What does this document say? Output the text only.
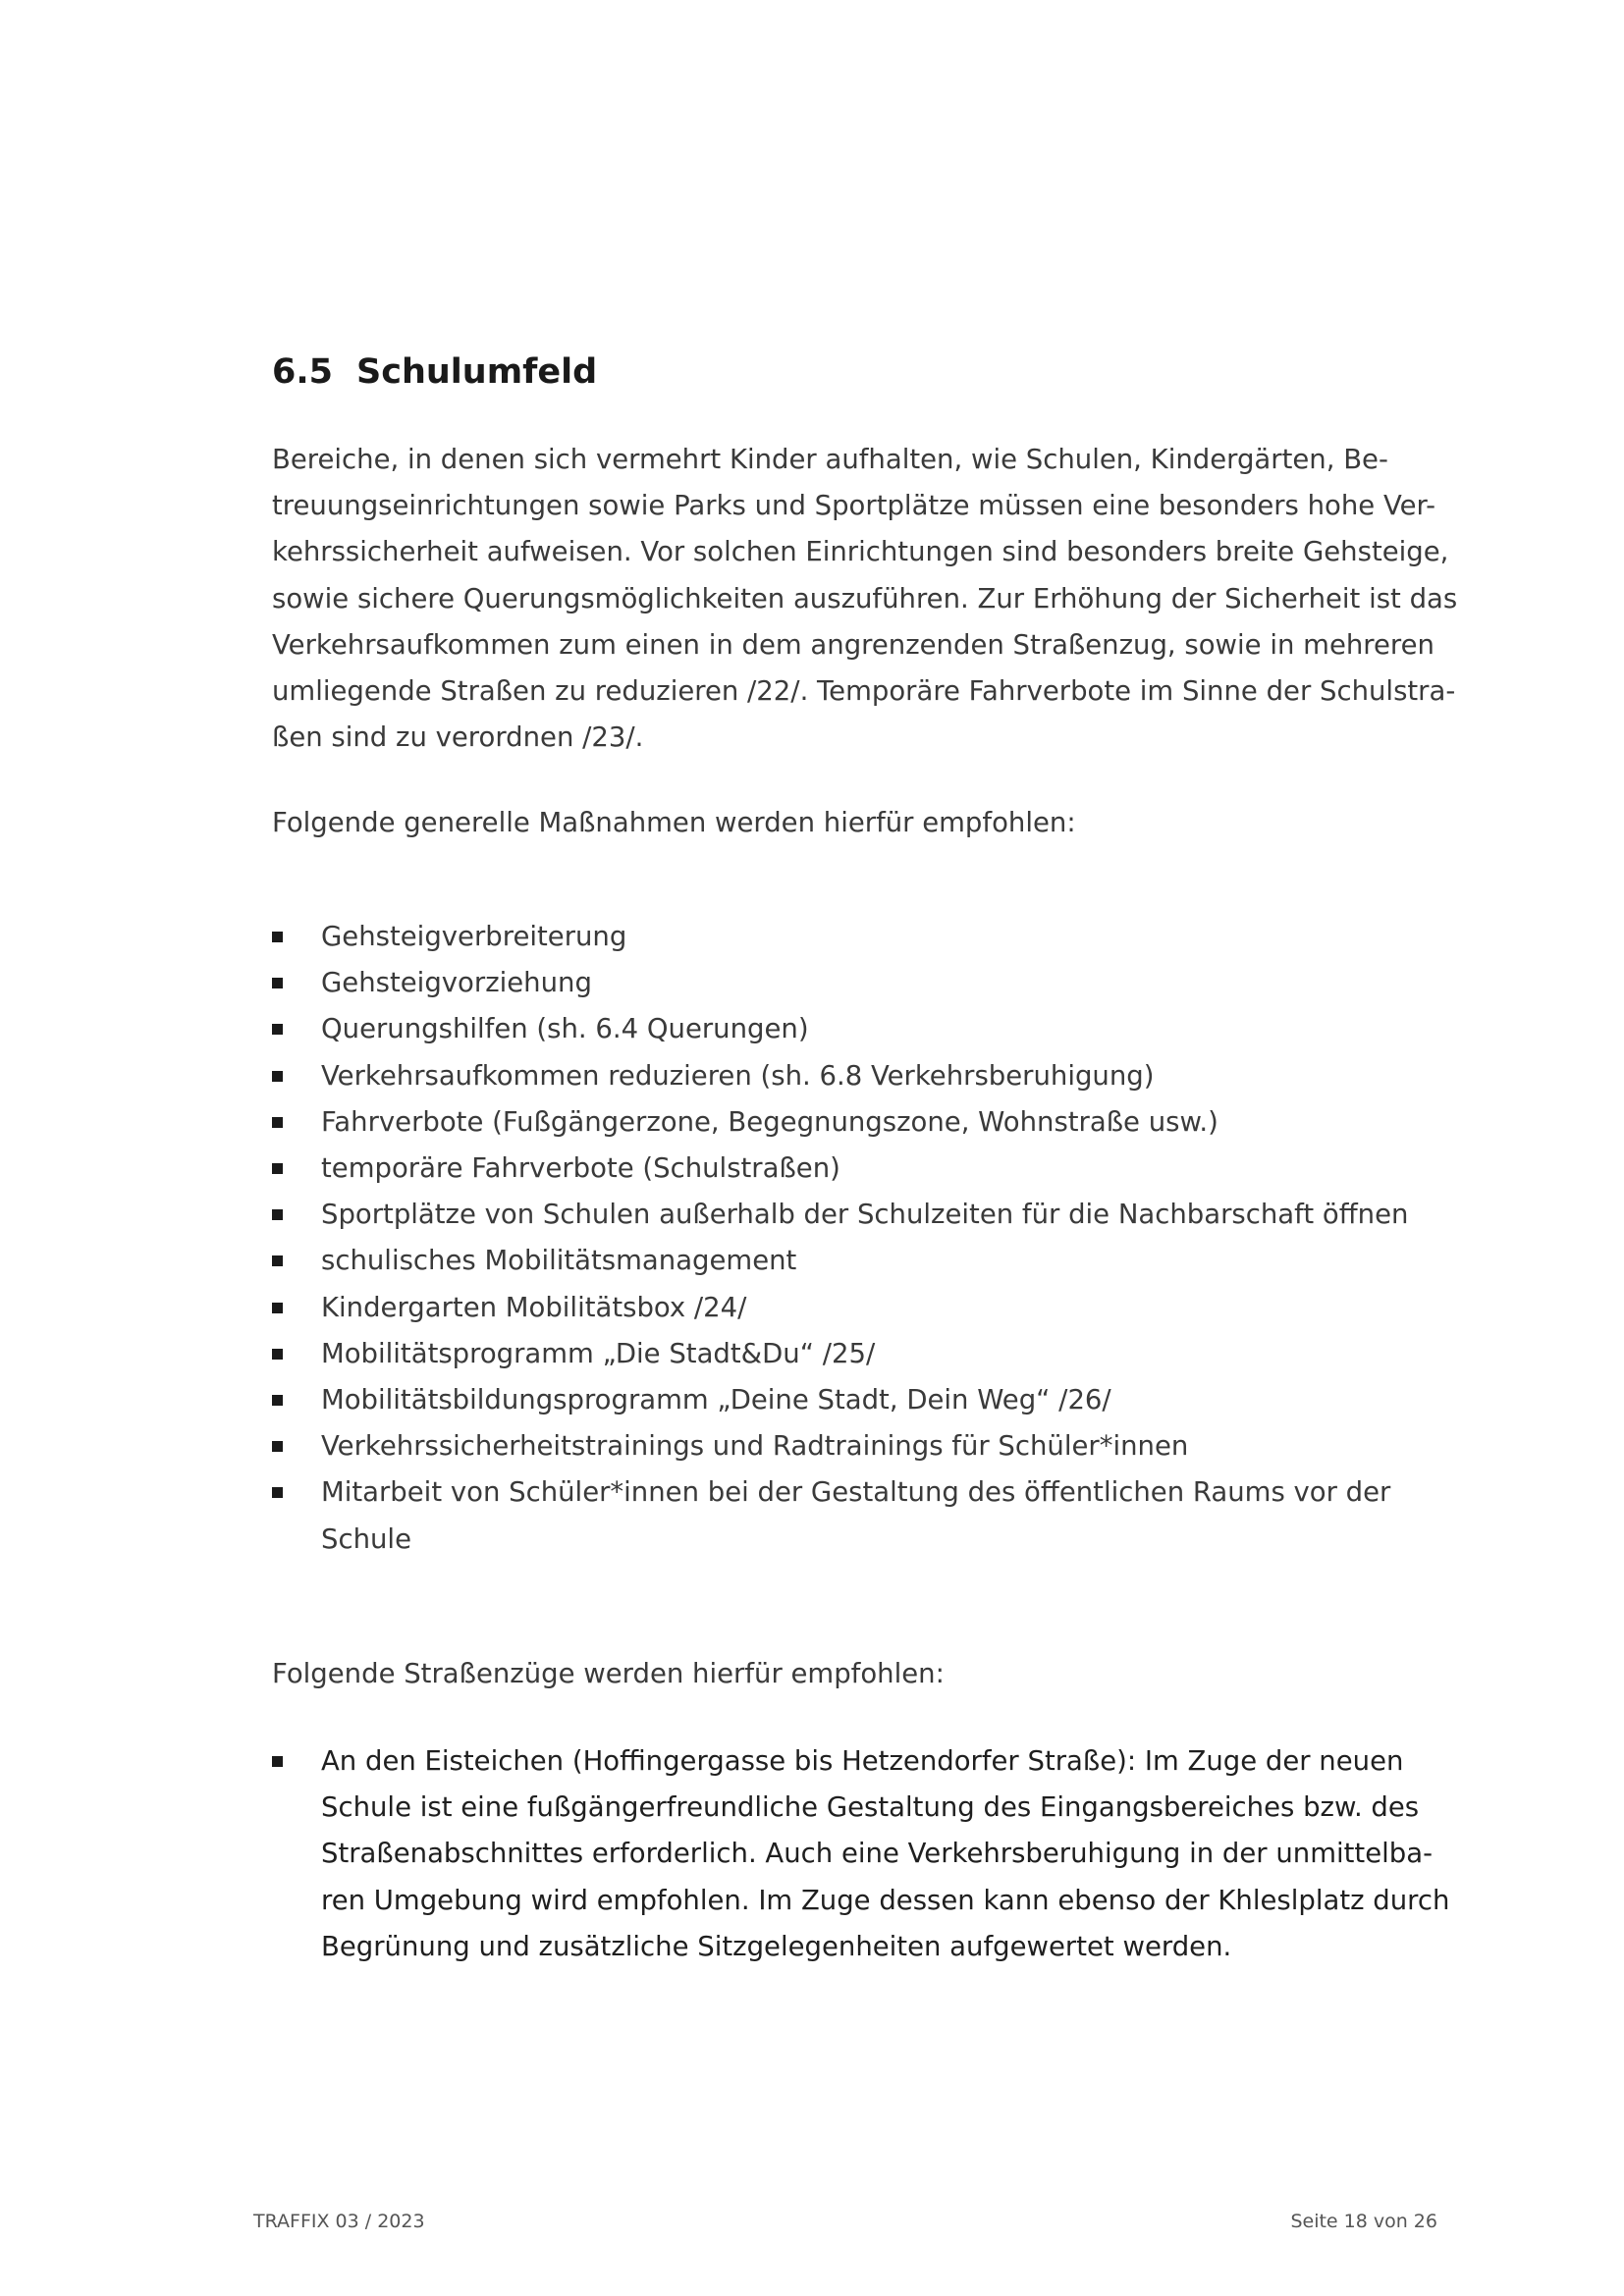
6.5 Schulumfeld

Bereiche, in denen sich vermehrt Kinder aufhalten, wie Schulen, Kindergärten, Be-
treuungseinrichtungen sowie Parks und Sportplätze müssen eine besonders hohe Ver-
kehrssicherheit aufweisen. Vor solchen Einrichtungen sind besonders breite Gehsteige,
sowie sichere Querungsmöglichkeiten auszuführen. Zur Erhöhung der Sicherheit ist das
Verkehrsaufkommen zum einen in dem angrenzenden Straßenzug, sowie in mehreren
umliegende Straßen zu reduzieren /22/. Temporäre Fahrverbote im Sinne der Schulstra-
ßen sind zu verordnen /23/.

Folgende generelle Maßnahmen werden hierfür empfohlen:

Gehsteigverbreiterung
Gehsteigvorziehung
Querungshilfen (sh. 6.4 Querungen)
Verkehrsaufkommen reduzieren (sh. 6.8 Verkehrsberuhigung)
Fahrverbote (Fußgängerzone, Begegnungszone, Wohnstraße usw.)
temporäre Fahrverbote (Schulstraßen)
Sportplätze von Schulen außerhalb der Schulzeiten für die Nachbarschaft öffnen
schulisches Mobilitätsmanagement
Kindergarten Mobilitätsbox /24/
Mobilitätsprogramm „Die Stadt&Du“ /25/
Mobilitätsbildungsprogramm „Deine Stadt, Dein Weg“ /26/
Verkehrssicherheitstrainings und Radtrainings für Schüler*innen
Mitarbeit von Schüler*innen bei der Gestaltung des öffentlichen Raums vor der
Schule

Folgende Straßenzüge werden hierfür empfohlen:

An den Eisteichen (Hoffingergasse bis Hetzendorfer Straße): Im Zuge der neuen
Schule ist eine fußgängerfreundliche Gestaltung des Eingangsbereiches bzw. des
Straßenabschnittes erforderlich. Auch eine Verkehrsberuhigung in der unmittelba-
ren Umgebung wird empfohlen. Im Zuge dessen kann ebenso der Khleslplatz durch
Begrünung und zusätzliche Sitzgelegenheiten aufgewertet werden.
TRAFFIX 03 / 2023	Seite 18 von 26
